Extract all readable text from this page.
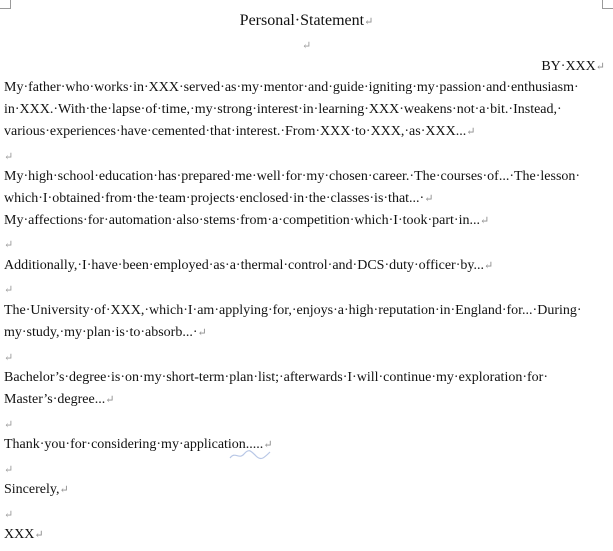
Personal·Statement↵
↵
BY·XXX↵
My·father·who·works·in·XXX·served·as·my·mentor·and·guide·igniting·my·passion·and·enthusiasm·
in·XXX.·With·the·lapse·of·time,·my·strong·interest·in·learning·XXX·weakens·not·a·bit.·Instead,·
various·experiences·have·cemented·that·interest.·From·XXX·to·XXX,·as·XXX...↵
↵
My·high·school·education·has·prepared·me·well·for·my·chosen·career.·The·courses·of...·The·lesson·
which·I·obtained·from·the·team·projects·enclosed·in·the·classes·is·that...·↵
My·affections·for·automation·also·stems·from·a·competition·which·I·took·part·in...↵
↵
Additionally,·I·have·been·employed·as·a·thermal·control·and·DCS·duty·officer·by...↵
↵
The·University·of·XXX,·which·I·am·applying·for,·enjoys·a·high·reputation·in·England·for...·During·
my·study,·my·plan·is·to·absorb...·↵
↵
Bachelor’s·degree·is·on·my·short-term·plan·list;·afterwards·I·will·continue·my·exploration·for·
Master’s·degree...↵
↵
Thank·you·for·considering·my·application.....↵
↵
Sincerely,↵
↵
XXX↵
